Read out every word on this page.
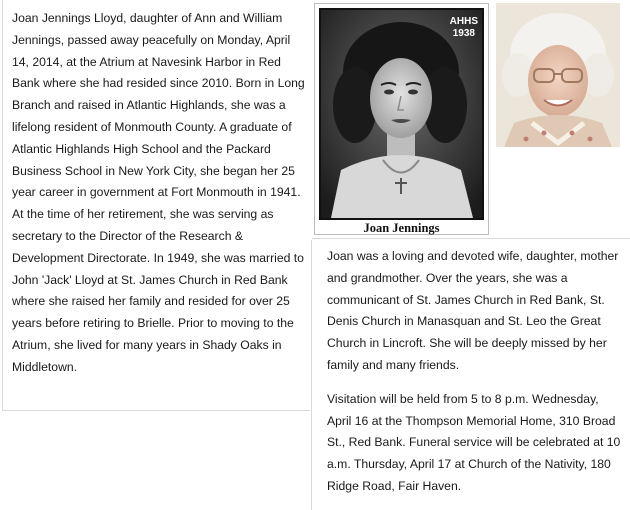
Joan Jennings Lloyd, daughter of Ann and William Jennings, passed away peacefully on Monday, April 14, 2014, at the Atrium at Navesink Harbor in Red Bank where she had resided since 2010. Born in Long Branch and raised in Atlantic Highlands, she was a lifelong resident of Monmouth County. A graduate of Atlantic Highlands High School and the Packard Business School in New York City, she began her 25 year career in government at Fort Monmouth in 1941. At the time of her retirement, she was serving as secretary to the Director of the Research & Development Directorate. In 1949, she was married to John 'Jack' Lloyd at St. James Church in Red Bank where she raised her family and resided for over 25 years before retiring to Brielle. Prior to moving to the Atrium, she lived for many years in Shady Oaks in Middletown.
AHHS
1938
Joan Jennings

Joan was a loving and devoted wife, daughter, mother and grandmother. Over the years, she was a communicant of St. James Church in Red Bank, St. Denis Church in Manasquan and St. Leo the Great Church in Lincroft. She will be deeply missed by her family and many friends.

Visitation will be held from 5 to 8 p.m. Wednesday, April 16 at the Thompson Memorial Home, 310 Broad St., Red Bank. Funeral service will be celebrated at 10 a.m. Thursday, April 17 at Church of the Nativity, 180 Ridge Road, Fair Haven.
